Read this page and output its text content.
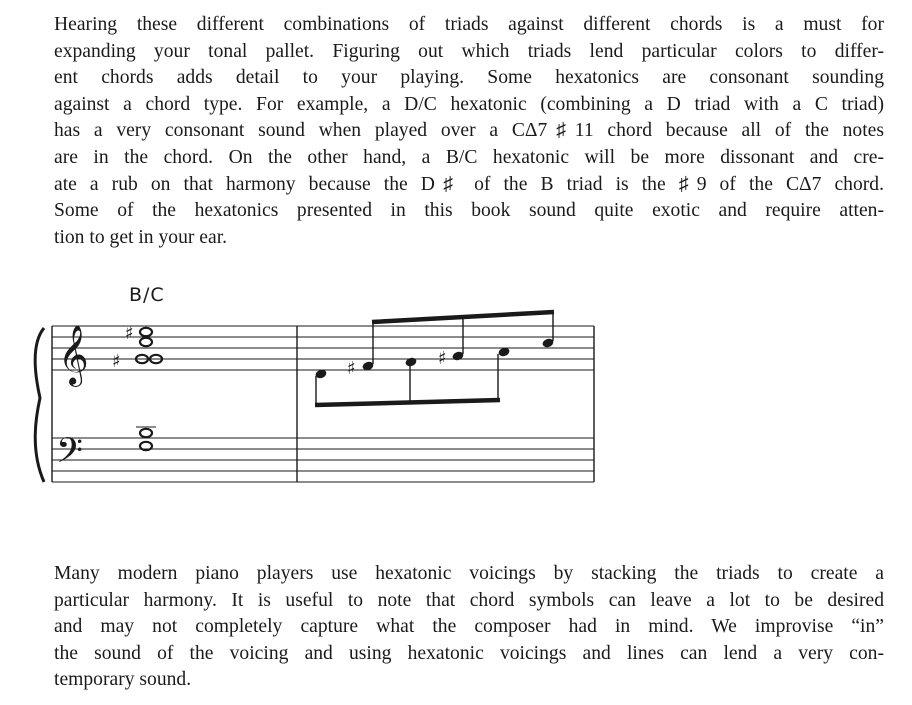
Hearing these different combinations of triads against different chords is a must for
expanding your tonal pallet. Figuring out which triads lend particular colors to differ-
ent chords adds detail to your playing. Some hexatonics are consonant sounding
against a chord type. For example, a D/C hexatonic (combining a D triad with a C triad)
has a very consonant sound when played over a CΔ7♯11 chord because all of the notes
are in the chord. On the other hand, a B/C hexatonic will be more dissonant and cre-
ate a rub on that harmony because the D♯ of the B triad is the ♯9 of the CΔ7 chord.
Some of the hexatonics presented in this book sound quite exotic and require atten-
tion to get in your ear.

B/C
𝄞
𝄢
♯
♯	♯	♯

Many modern piano players use hexatonic voicings by stacking the triads to create a
particular harmony. It is useful to note that chord symbols can leave a lot to be desired
and may not completely capture what the composer had in mind. We improvise “in”
the sound of the voicing and using hexatonic voicings and lines can lend a very con-
temporary sound.
